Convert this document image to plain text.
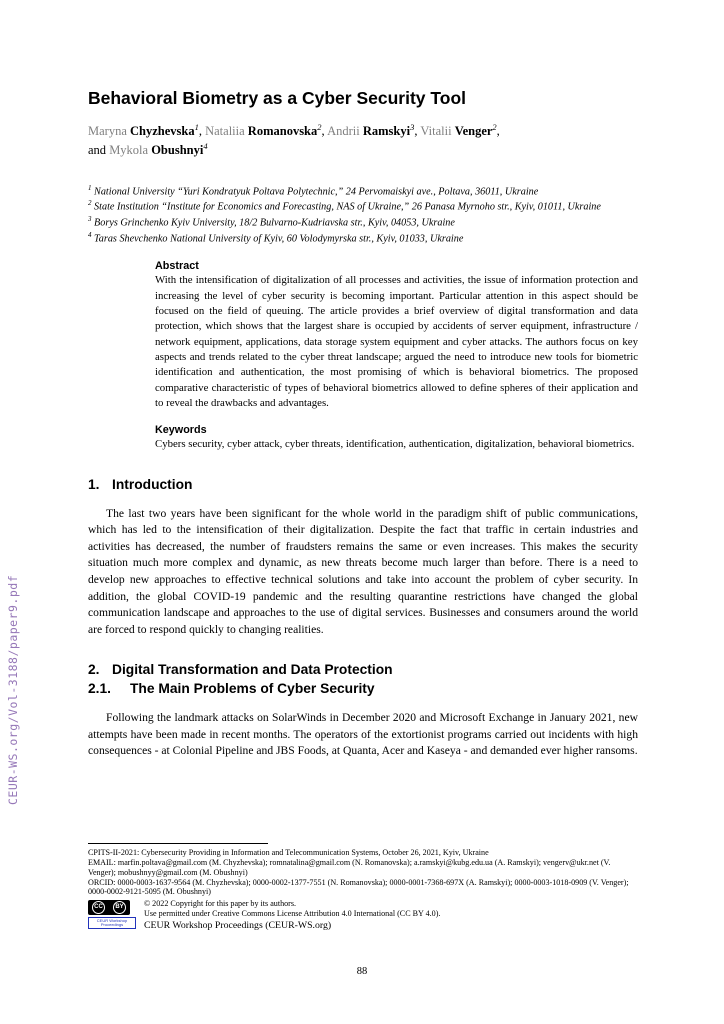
CEUR-WS.org/Vol-3188/paper9.pdf
Behavioral Biometry as a Cyber Security Tool
Maryna Chyzhevska$^1$, Nataliia Romanovska$^2$, Andrii Ramskyi$^3$, Vitalii Venger$^2$,
and Mykola Obushnyi$^4$
$^1$ National University “Yuri Kondratyuk Poltava Polytechnic,” 24 Pervomaiskyi ave., Poltava, 36011, Ukraine
$^2$ State Institution “Institute for Economics and Forecasting, NAS of Ukraine,” 26 Panasa Myrnoho str., Kyiv, 01011, Ukraine
$^3$ Borys Grinchenko Kyiv University, 18/2 Bulvarno-Kudriavska str., Kyiv, 04053, Ukraine
$^4$ Taras Shevchenko National University of Kyiv, 60 Volodymyrska str., Kyiv, 01033, Ukraine
Abstract
With the intensification of digitalization of all processes and activities, the issue of information protection and increasing the level of cyber security is becoming important. Particular attention in this aspect should be focused on the field of queuing. The article provides a brief overview of digital transformation and data protection, which shows that the largest share is occupied by accidents of server equipment, infrastructure / network equipment, applications, data storage system equipment and cyber attacks. The authors focus on key aspects and trends related to the cyber threat landscape; argued the need to introduce new tools for biometric identification and authentication, the most promising of which is behavioral biometrics. The proposed comparative characteristic of types of behavioral biometrics allowed to define spheres of their application and to reveal the drawbacks and advantages.
Keywords
Cybers security, cyber attack, cyber threats, identification, authentication, digitalization, behavioral biometrics.
1. Introduction
The last two years have been significant for the whole world in the paradigm shift of public communications, which has led to the intensification of their digitalization. Despite the fact that traffic in certain industries and activities has decreased, the number of fraudsters remains the same or even increases. This makes the security situation much more complex and dynamic, as new threats become much larger than before. There is a need to develop new approaches to effective technical solutions and take into account the problem of cyber security. In addition, the global COVID-19 pandemic and the resulting quarantine restrictions have changed the global communication landscape and approaches to the use of digital services. Businesses and consumers around the world are forced to respond quickly to changing realities.
2. Digital Transformation and Data Protection
2.1. The Main Problems of Cyber Security
Following the landmark attacks on SolarWinds in December 2020 and Microsoft Exchange in January 2021, new attempts have been made in recent months. The operators of the extortionist programs carried out incidents with high consequences - at Colonial Pipeline and JBS Foods, at Quanta, Acer and Kaseya - and demanded ever higher ransoms.
CPITS-II-2021: Cybersecurity Providing in Information and Telecommunication Systems, October 26, 2021, Kyiv, Ukraine
EMAIL: marfin.poltava@gmail.com (M. Chyzhevska); romnatalina@gmail.com (N. Romanovska); a.ramskyi@kubg.edu.ua (A. Ramskyi); vengerv@ukr.net (V. Venger); mobushnyy@gmail.com (M. Obushnyi)
ORCID: 0000-0003-1637-9564 (M. Chyzhevska); 0000-0002-1377-7551 (N. Romanovska); 0000-0001-7368-697X (A. Ramskyi); 0000-0003-1018-0909 (V. Venger); 0000-0002-9121-5095 (M. Obushnyi)
CC	BY
CEUR Workshop Proceedings
© 2022 Copyright for this paper by its authors.
Use permitted under Creative Commons License Attribution 4.0 International (CC BY 4.0).
CEUR Workshop Proceedings (CEUR-WS.org)
88
